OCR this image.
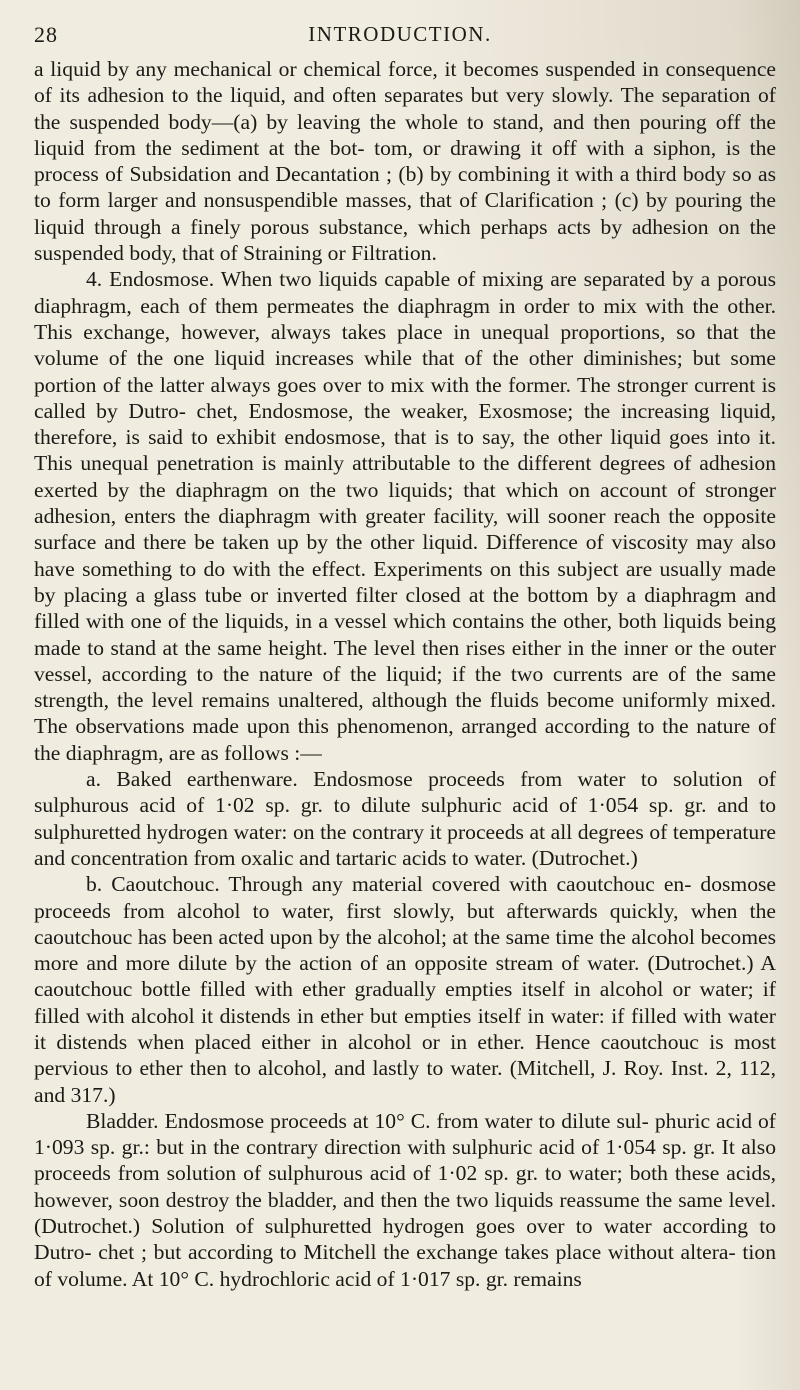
28	INTRODUCTION.

a liquid by any mechanical or chemical force, it becomes suspended in consequence of its adhesion to the liquid, and often separates but very slowly. The separation of the suspended body—(a) by leaving the whole to stand, and then pouring off the liquid from the sediment at the bot- tom, or drawing it off with a siphon, is the process of Subsidation and Decantation ; (b) by combining it with a third body so as to form larger and nonsuspendible masses, that of Clarification ; (c) by pouring the liquid through a finely porous substance, which perhaps acts by adhesion on the suspended body, that of Straining or Filtration.

4. Endosmose. When two liquids capable of mixing are separated by a porous diaphragm, each of them permeates the diaphragm in order to mix with the other. This exchange, however, always takes place in unequal proportions, so that the volume of the one liquid increases while that of the other diminishes; but some portion of the latter always goes over to mix with the former. The stronger current is called by Dutro- chet, Endosmose, the weaker, Exosmose; the increasing liquid, therefore, is said to exhibit endosmose, that is to say, the other liquid goes into it. This unequal penetration is mainly attributable to the different degrees of adhesion exerted by the diaphragm on the two liquids; that which on account of stronger adhesion, enters the diaphragm with greater facility, will sooner reach the opposite surface and there be taken up by the other liquid. Difference of viscosity may also have something to do with the effect. Experiments on this subject are usually made by placing a glass tube or inverted filter closed at the bottom by a diaphragm and filled with one of the liquids, in a vessel which contains the other, both liquids being made to stand at the same height. The level then rises either in the inner or the outer vessel, according to the nature of the liquid; if the two currents are of the same strength, the level remains unaltered, although the fluids become uniformly mixed. The observations made upon this phenomenon, arranged according to the nature of the diaphragm, are as follows :—

a. Baked earthenware. Endosmose proceeds from water to solution of sulphurous acid of 1·02 sp. gr. to dilute sulphuric acid of 1·054 sp. gr. and to sulphuretted hydrogen water: on the contrary it proceeds at all degrees of temperature and concentration from oxalic and tartaric acids to water. (Dutrochet.)

b. Caoutchouc. Through any material covered with caoutchouc en- dosmose proceeds from alcohol to water, first slowly, but afterwards quickly, when the caoutchouc has been acted upon by the alcohol; at the same time the alcohol becomes more and more dilute by the action of an opposite stream of water. (Dutrochet.) A caoutchouc bottle filled with ether gradually empties itself in alcohol or water; if filled with alcohol it distends in ether but empties itself in water: if filled with water it distends when placed either in alcohol or in ether. Hence caoutchouc is most pervious to ether then to alcohol, and lastly to water. (Mitchell, J. Roy. Inst. 2, 112, and 317.)

Bladder. Endosmose proceeds at 10° C. from water to dilute sul- phuric acid of 1·093 sp. gr.: but in the contrary direction with sulphuric acid of 1·054 sp. gr. It also proceeds from solution of sulphurous acid of 1·02 sp. gr. to water; both these acids, however, soon destroy the bladder, and then the two liquids reassume the same level. (Dutrochet.) Solution of sulphuretted hydrogen goes over to water according to Dutro- chet ; but according to Mitchell the exchange takes place without altera- tion of volume. At 10° C. hydrochloric acid of 1·017 sp. gr. remains
